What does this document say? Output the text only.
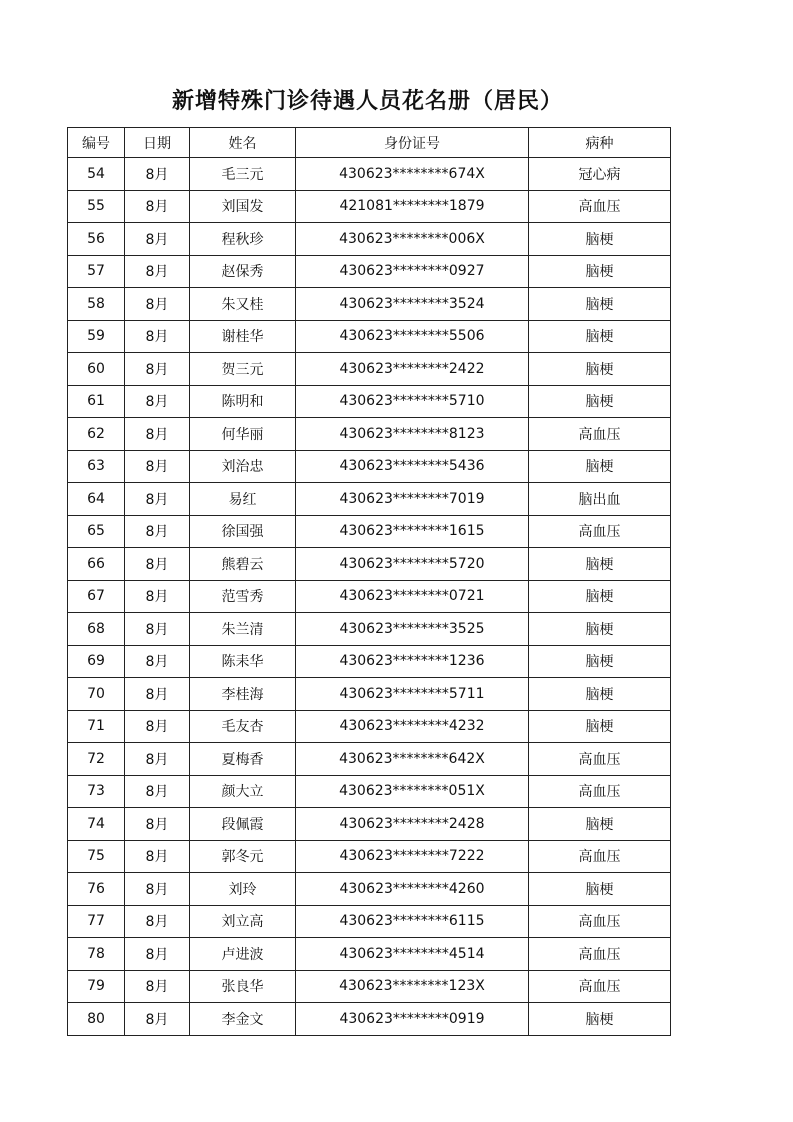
新增特殊门诊待遇人员花名册（居民）
编号	日期	姓名	身份证号	病种
54	8月	毛三元	430623********674X	冠心病
55	8月	刘国发	421081********1879	高血压
56	8月	程秋珍	430623********006X	脑梗
57	8月	赵保秀	430623********0927	脑梗
58	8月	朱又桂	430623********3524	脑梗
59	8月	谢桂华	430623********5506	脑梗
60	8月	贺三元	430623********2422	脑梗
61	8月	陈明和	430623********5710	脑梗
62	8月	何华丽	430623********8123	高血压
63	8月	刘治忠	430623********5436	脑梗
64	8月	易红	430623********7019	脑出血
65	8月	徐国强	430623********1615	高血压
66	8月	熊碧云	430623********5720	脑梗
67	8月	范雪秀	430623********0721	脑梗
68	8月	朱兰清	430623********3525	脑梗
69	8月	陈耒华	430623********1236	脑梗
70	8月	李桂海	430623********5711	脑梗
71	8月	毛友杏	430623********4232	脑梗
72	8月	夏梅香	430623********642X	高血压
73	8月	颜大立	430623********051X	高血压
74	8月	段佩霞	430623********2428	脑梗
75	8月	郭冬元	430623********7222	高血压
76	8月	刘玲	430623********4260	脑梗
77	8月	刘立高	430623********6115	高血压
78	8月	卢进波	430623********4514	高血压
79	8月	张良华	430623********123X	高血压
80	8月	李金文	430623********0919	脑梗
